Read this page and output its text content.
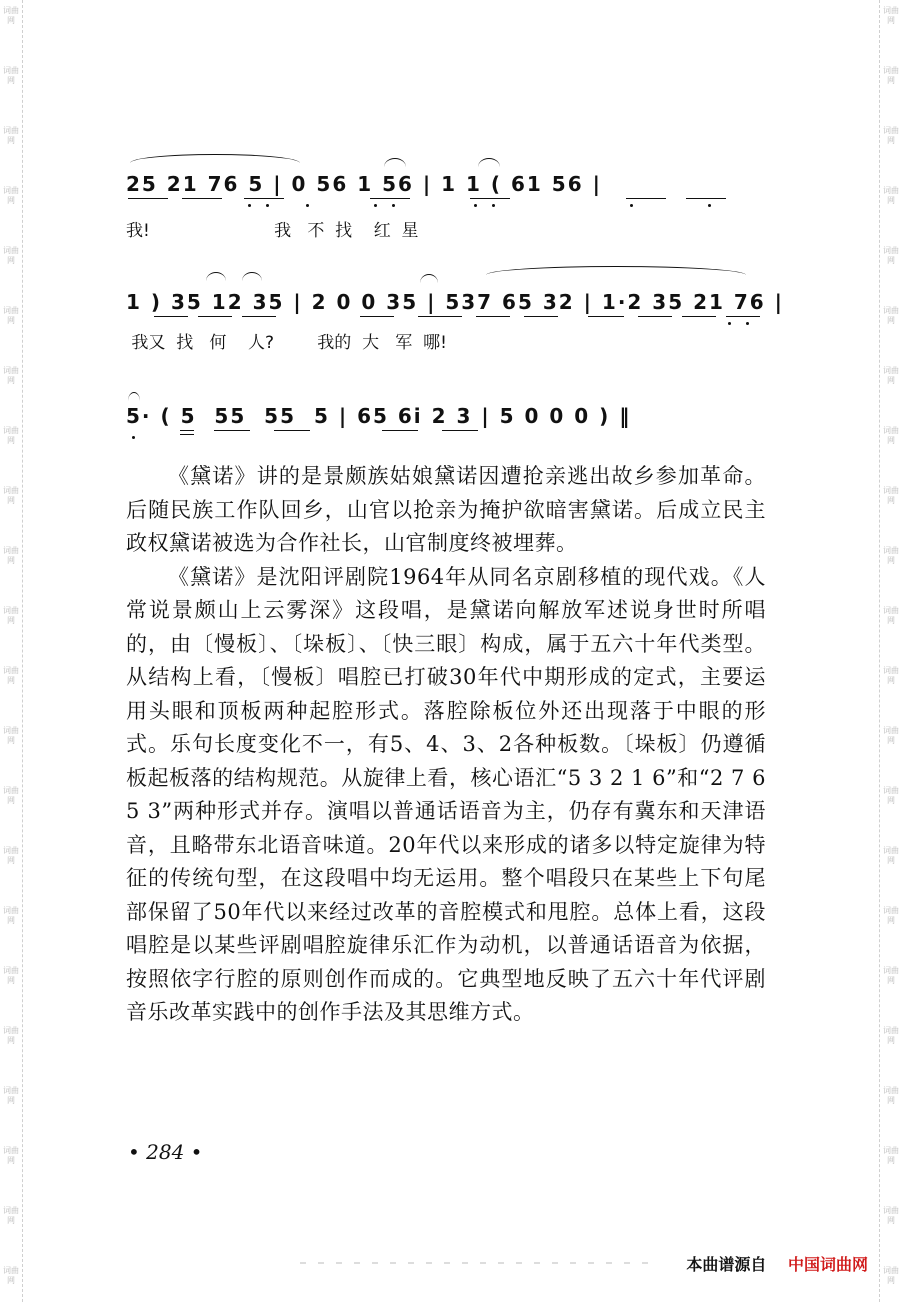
词曲网
词曲网
词曲网
词曲网
词曲网
词曲网
词曲网
词曲网
词曲网
词曲网
词曲网
词曲网
词曲网
词曲网
词曲网
词曲网
词曲网
词曲网
词曲网
词曲网
词曲网
词曲网
词曲网
词曲网
词曲网
词曲网
词曲网
词曲网
词曲网
词曲网
词曲网
词曲网
词曲网
词曲网
词曲网
词曲网
词曲网
词曲网
词曲网
词曲网
词曲网
词曲网
词曲网
词曲网
25 21 76 5 | 0 56 1 56 | 1 1 ( 61 56 |
我!                       我   不  找    红  星
1 ) 35 12 35 | 2 0 0 35 | 537 65 32 | 1·2 35 21 76 |
我又  找   何    人?        我的  大   军  哪!
5· ( 5  55  55  5 | 65 6i 2 3 | 5 0 0 0 ) ‖

《黛诺》讲的是景颇族姑娘黛诺因遭抢亲逃出故乡参加革命。后随民族工作队回乡，山官以抢亲为掩护欲暗害黛诺。后成立民主政权黛诺被选为合作社长，山官制度终被埋葬。

《黛诺》是沈阳评剧院1964年从同名京剧移植的现代戏。《人常说景颇山上云雾深》这段唱，是黛诺向解放军述说身世时所唱的，由〔慢板〕、〔垛板〕、〔快三眼〕构成，属于五六十年代类型。从结构上看，〔慢板〕唱腔已打破30年代中期形成的定式，主要运用头眼和顶板两种起腔形式。落腔除板位外还出现落于中眼的形式。乐句长度变化不一，有5、4、3、2各种板数。〔垛板〕仍遵循板起板落的结构规范。从旋律上看，核心语汇“5 3 2 1 6”和“2 7 6 5 3”两种形式并存。演唱以普通话语音为主，仍存有冀东和天津语音，且略带东北语音味道。20年代以来形成的诸多以特定旋律为特征的传统句型，在这段唱中均无运用。整个唱段只在某些上下句尾部保留了50年代以来经过改革的音腔模式和甩腔。总体上看，这段唱腔是以某些评剧唱腔旋律乐汇作为动机，以普通话语音为依据，按照依字行腔的原则创作而成的。它典型地反映了五六十年代评剧音乐改革实践中的创作手法及其思维方式。

• 284 •
本曲谱源自 中国词曲网
